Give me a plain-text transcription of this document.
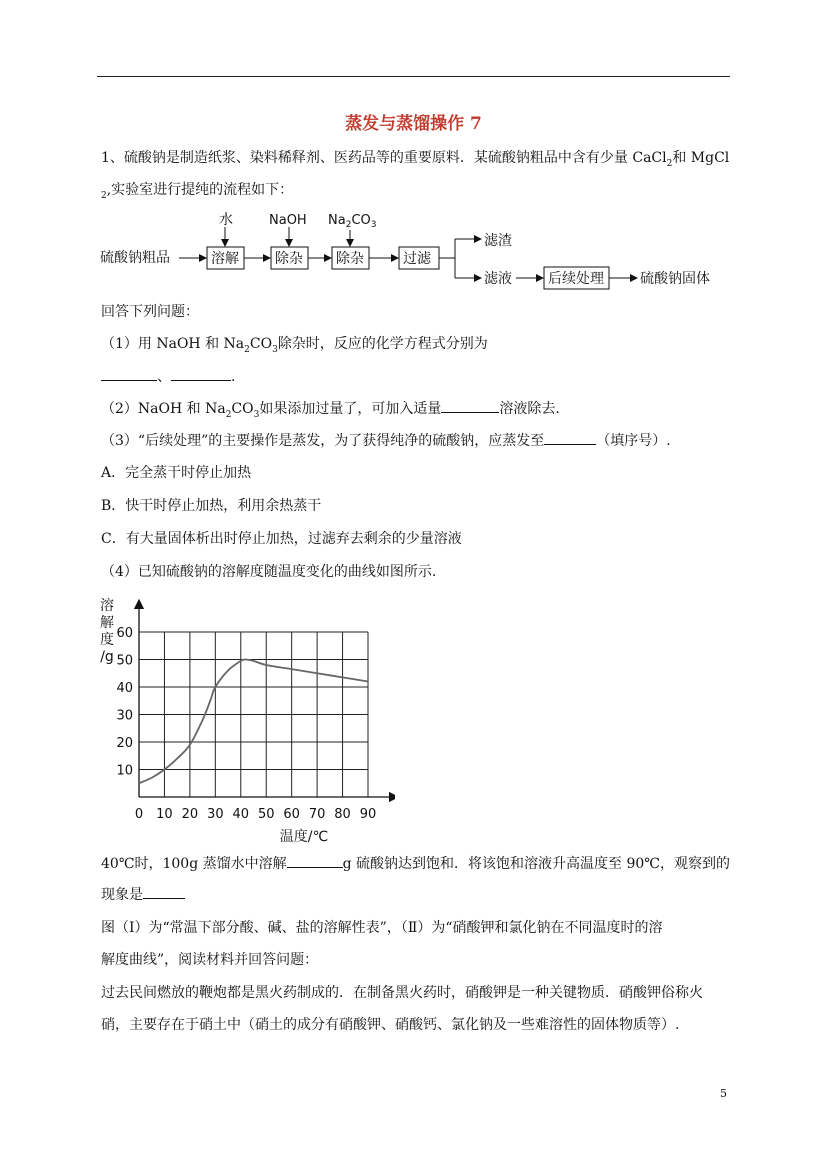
蒸发与蒸馏操作 7
1、硫酸钠是制造纸浆、染料稀释剂、医药品等的重要原料．某硫酸钠粗品中含有少量 CaCl$_2$和 MgCl
$_2$,实验室进行提纯的流程如下：
硫酸钠粗品
水	NaOH $Na_2CO_3$
溶解	除杂 除杂	过滤
滤渣
滤液	后续处理	硫酸钠固体
回答下列问题：
（1）用 NaOH 和 $Na_2CO_3$除杂时，反应的化学方程式分别为
、	.
（2）NaOH 和 $Na_2CO_3$如果添加过量了，可加入适量	溶液除去.
（3）“后续处理”的主要操作是蒸发，为了获得纯净的硫酸钠，应蒸发至	（填序号）.
A．完全蒸干时停止加热
B．快干时停止加热，利用余热蒸干
C．有大量固体析出时停止加热，过滤弃去剩余的少量溶液
（4）已知硫酸钠的溶解度随温度变化的曲线如图所示.
0 10 20 30 40 50 60 70 80 90
10
20
30
40
50
60
溶
解
度
/g
温度/℃
40℃时，100g 蒸馏水中溶解	g 硫酸钠达到饱和．将该饱和溶液升高温度至 90℃，观察到的
现象是
图（Ⅰ）为“常温下部分酸、碱、盐的溶解性表”，（Ⅱ）为“硝酸钾和氯化钠在不同温度时的溶
解度曲线”，阅读材料并回答问题：
过去民间燃放的鞭炮都是黑火药制成的．在制备黑火药时，硝酸钾是一种关键物质．硝酸钾俗称火
硝，主要存在于硝土中（硝土的成分有硝酸钾、硝酸钙、氯化钠及一些难溶性的固体物质等）.
5
